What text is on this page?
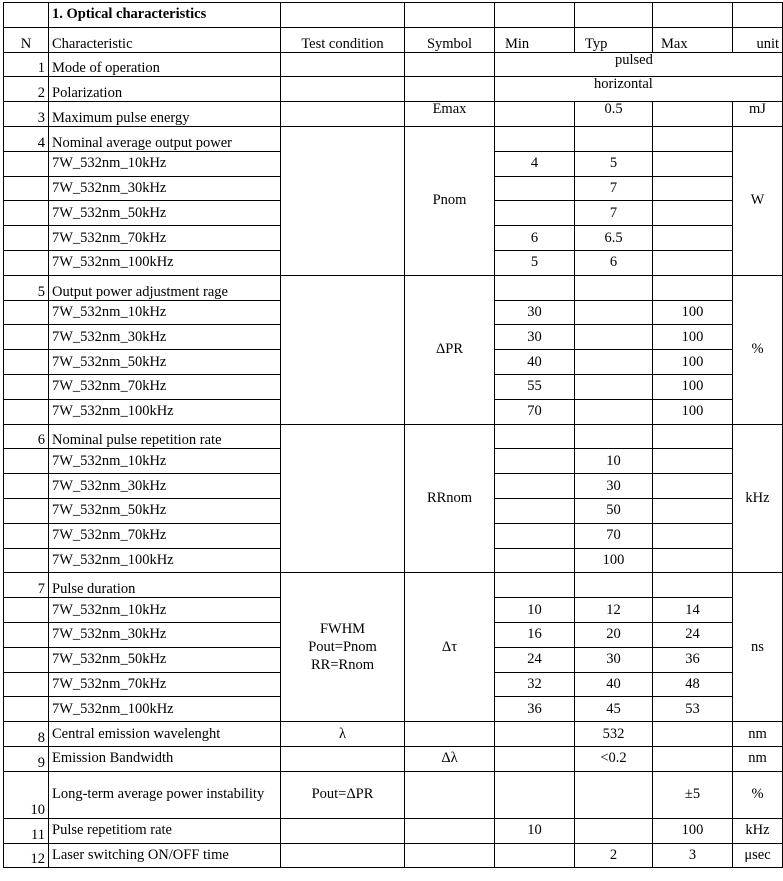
	1. Optical characteristics						
N	Characteristic	Test condition	Symbol	Min	Typ	Max	unit
1	Mode of operation			pulsed			
2	Polarization			horizontal			
3	Maximum pulse energy		Emax		0.5		mJ
4	Nominal average output power		Pnom				W
	7W_532nm_10kHz			4	5		
	7W_532nm_30kHz				7		
	7W_532nm_50kHz				7		
	7W_532nm_70kHz			6	6.5		
	7W_532nm_100kHz			5	6		
5	Output power adjustment rage		ΔPR				%
	7W_532nm_10kHz			30		100	
	7W_532nm_30kHz			30		100	
	7W_532nm_50kHz			40		100	
	7W_532nm_70kHz			55		100	
	7W_532nm_100kHz			70		100	
6	Nominal pulse repetition rate		RRnom				kHz
	7W_532nm_10kHz				10		
	7W_532nm_30kHz				30		
	7W_532nm_50kHz				50		
	7W_532nm_70kHz				70		
	7W_532nm_100kHz				100		
7	Pulse duration	FWHM
Pout=Pnom
RR=Rnom	Δτ				ns
	7W_532nm_10kHz			10	12	14	
	7W_532nm_30kHz			16	20	24	
	7W_532nm_50kHz			24	30	36	
	7W_532nm_70kHz			32	40	48	
	7W_532nm_100kHz			36	45	53	
8	Central emission wavelenght	λ			532		nm
9	Emission Bandwidth		Δλ		<0.2		nm
10	Long-term average power instability	Pout=ΔPR				±5	%
11	Pulse repetitiom rate			10		100	kHz
12	Laser switching ON/OFF time				2	3	μsec
